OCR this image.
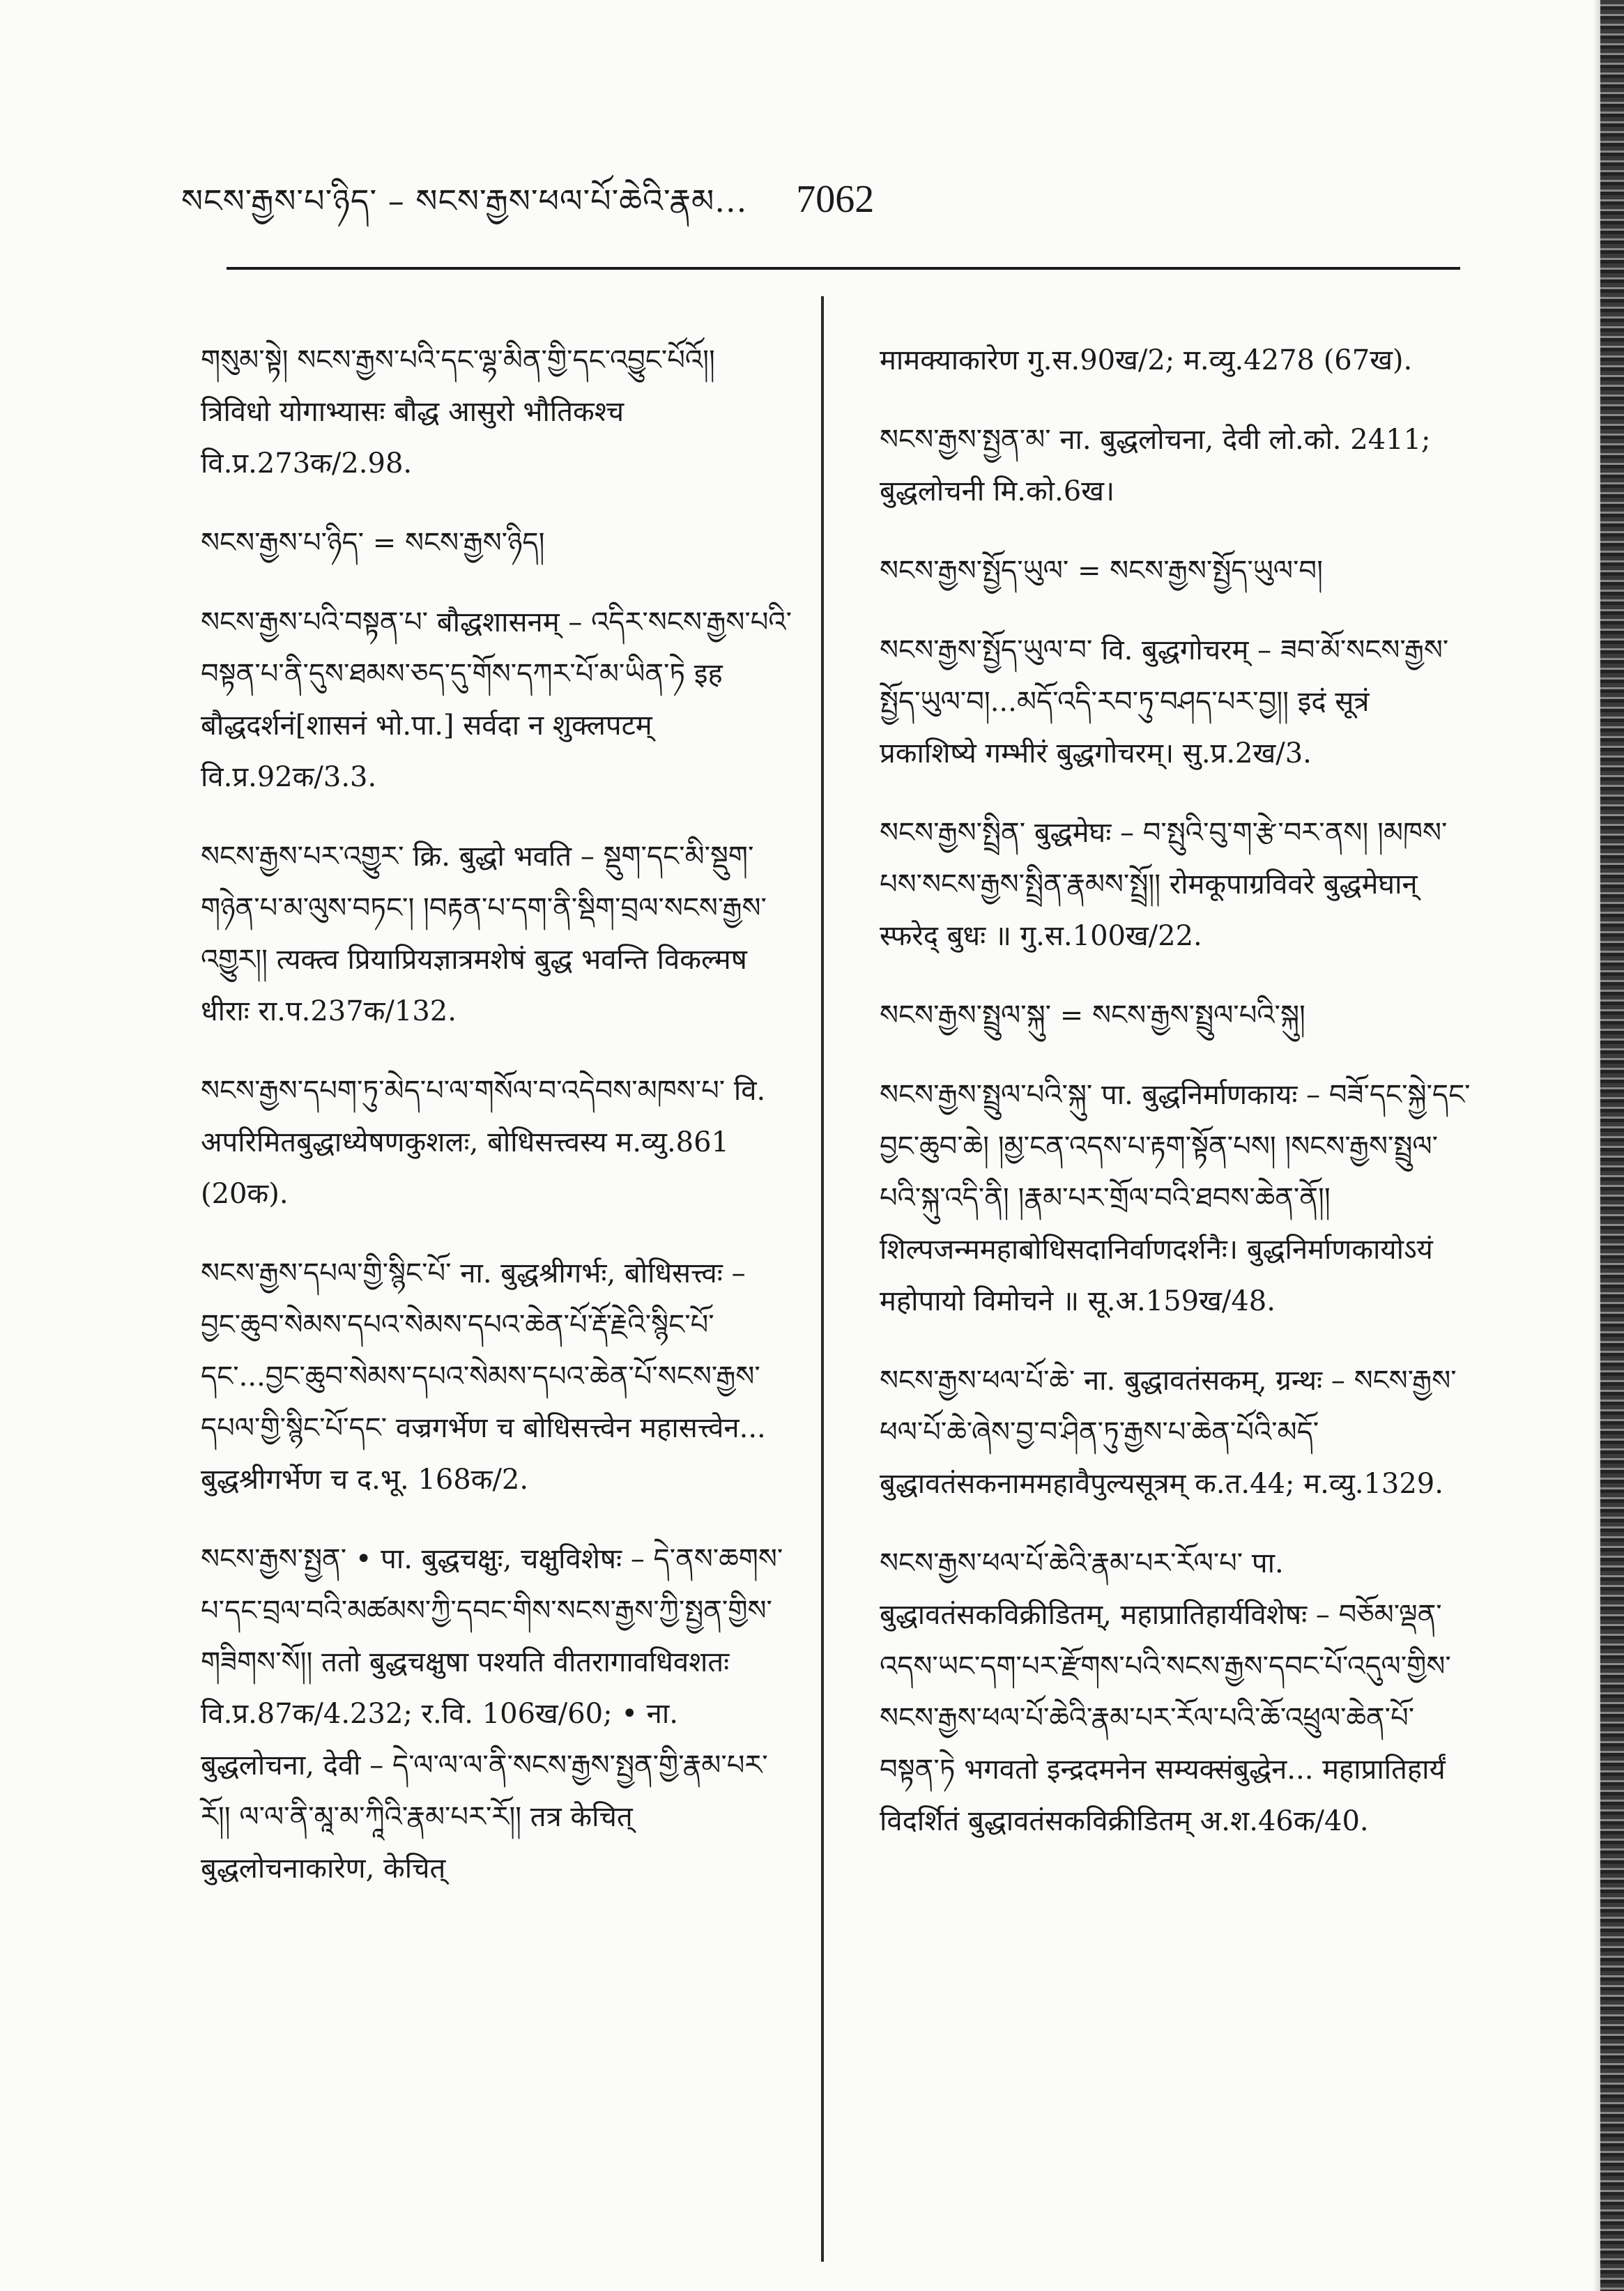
སངས་རྒྱས་པ་ཉིད་ – སངས་རྒྱས་ཕལ་པོ་ཆེའི་རྣམ... 7062

གསུམ་སྟེ། སངས་རྒྱས་པའི་དང་ལྷ་མིན་གྱི་དང་འབྱུང་པོའོ།། त्रिविधो योगाभ्यासः बौद्ध आसुरो भौतिकश्च वि.प्र.273क/2.98.

སངས་རྒྱས་པ་ཉིད་ = སངས་རྒྱས་ཉིད།

སངས་རྒྱས་པའི་བསྟན་པ་ बौद्धशासनम् – འདིར་སངས་རྒྱས་པའི་བསྟན་པ་ནི་དུས་ཐམས་ཅད་དུ་གོས་དཀར་པོ་མ་ཡིན་ཏེ इह बौद्धदर्शनं[शासनं भो.पा.] सर्वदा न शुक्लपटम् वि.प्र.92क/3.3.

སངས་རྒྱས་པར་འགྱུར་ क्रि. बुद्धो भवति – སྡུག་དང་མི་སྡུག་གཉེན་པ་མ་ལུས་བཏང་། །བརྟན་པ་དག་ནི་སྡིག་བྲལ་སངས་རྒྱས་འགྱུར།། त्यक्त्व प्रियाप्रियज्ञात्रमशेषं बुद्ध भवन्ति विकल्मष धीराः रा.प.237क/132.

སངས་རྒྱས་དཔག་ཏུ་མེད་པ་ལ་གསོལ་བ་འདེབས་མཁས་པ་ वि. अपरिमितबुद्धाध्येषणकुशलः, बोधिसत्त्वस्य म.व्यु.861 (20क).

སངས་རྒྱས་དཔལ་གྱི་སྙིང་པོ་ ना. बुद्धश्रीगर्भः, बोधिसत्त्वः – བྱང་ཆུབ་སེམས་དཔའ་སེམས་དཔའ་ཆེན་པོ་རྡོ་རྗེའི་སྙིང་པོ་དང་...བྱང་ཆུབ་སེམས་དཔའ་སེམས་དཔའ་ཆེན་པོ་སངས་རྒྱས་དཔལ་གྱི་སྙིང་པོ་དང་ वज्रगर्भेण च बोधिसत्त्वेन महासत्त्वेन... बुद्धश्रीगर्भेण च द.भू. 168क/2.

སངས་རྒྱས་སྤྱན་ • पा. बुद्धचक्षुः, चक्षुविशेषः – དེ་ནས་ཆགས་པ་དང་བྲལ་བའི་མཚམས་ཀྱི་དབང་གིས་སངས་རྒྱས་ཀྱི་སྤྱན་གྱིས་གཟིགས་སོ།། ततो बुद्धचक्षुषा पश्यति वीतरागावधिवशतः वि.प्र.87क/4.232; र.वि. 106ख/60; • ना. बुद्धलोचना, देवी – དེ་ལ་ལ་ལ་ནི་སངས་རྒྱས་སྤྱན་གྱི་རྣམ་པར་རོ།། ལ་ལ་ནི་མཱ་མ་ཀཱིའི་རྣམ་པར་རོ།། तत्र केचित् बुद्धलोचनाकारेण, केचित्

मामक्याकारेण गु.स.90ख/2; म.व्यु.4278 (67ख).

སངས་རྒྱས་སྤྱན་མ་ ना. बुद्धलोचना, देवी लो.को. 2411; बुद्धलोचनी मि.को.6ख।

སངས་རྒྱས་སྤྱོད་ཡུལ་ = སངས་རྒྱས་སྤྱོད་ཡུལ་བ།

སངས་རྒྱས་སྤྱོད་ཡུལ་བ་ वि. बुद्धगोचरम् – ཟབ་མོ་སངས་རྒྱས་སྤྱོད་ཡུལ་བ།...མདོ་འདི་རབ་ཏུ་བཤད་པར་བྱ།། इदं सूत्रं प्रकाशिष्ये गम्भीरं बुद्धगोचरम्। सु.प्र.2ख/3.

སངས་རྒྱས་སྤྲིན་ बुद्धमेघः – བ་སྤུའི་བུ་ག་རྩེ་བར་ནས། །མཁས་པས་སངས་རྒྱས་སྤྲིན་རྣམས་སྤྲོ།། रोमकूपाग्रविवरे बुद्धमेघान् स्फरेद् बुधः ॥ गु.स.100ख/22.

སངས་རྒྱས་སྤྲུལ་སྐུ་ = སངས་རྒྱས་སྤྲུལ་པའི་སྐུ།

སངས་རྒྱས་སྤྲུལ་པའི་སྐུ་ पा. बुद्धनिर्माणकायः – བཟོ་དང་སྐྱེ་དང་བྱང་ཆུབ་ཆེ། །མྱ་ངན་འདས་པ་རྟག་སྟོན་པས། །སངས་རྒྱས་སྤྲུལ་པའི་སྐུ་འདི་ནི། །རྣམ་པར་གྲོལ་བའི་ཐབས་ཆེན་ནོ།། शिल्पजन्ममहाबोधिसदानिर्वाणदर्शनैः। बुद्धनिर्माणकायोऽयं महोपायो विमोचने ॥ सू.अ.159ख/48.

སངས་རྒྱས་ཕལ་པོ་ཆེ་ ना. बुद्धावतंसकम्, ग्रन्थः – སངས་རྒྱས་ཕལ་པོ་ཆེ་ཞེས་བྱ་བ་ཤིན་ཏུ་རྒྱས་པ་ཆེན་པོའི་མདོ་ बुद्धावतंसकनाममहावैपुल्यसूत्रम् क.त.44; म.व्यु.1329.

སངས་རྒྱས་ཕལ་པོ་ཆེའི་རྣམ་པར་རོལ་པ་ पा. बुद्धावतंसकविक्रीडितम्, महाप्रातिहार्यविशेषः – བཅོམ་ལྡན་འདས་ཡང་དག་པར་རྫོགས་པའི་སངས་རྒྱས་དབང་པོ་འདུལ་གྱིས་སངས་རྒྱས་ཕལ་པོ་ཆེའི་རྣམ་པར་རོལ་པའི་ཆོ་འཕྲུལ་ཆེན་པོ་བསྟན་ཏེ भगवतो इन्द्रदमनेन सम्यक्संबुद्धेन... महाप्रातिहार्यं विदर्शितं बुद्धावतंसकविक्रीडितम् अ.श.46क/40.
